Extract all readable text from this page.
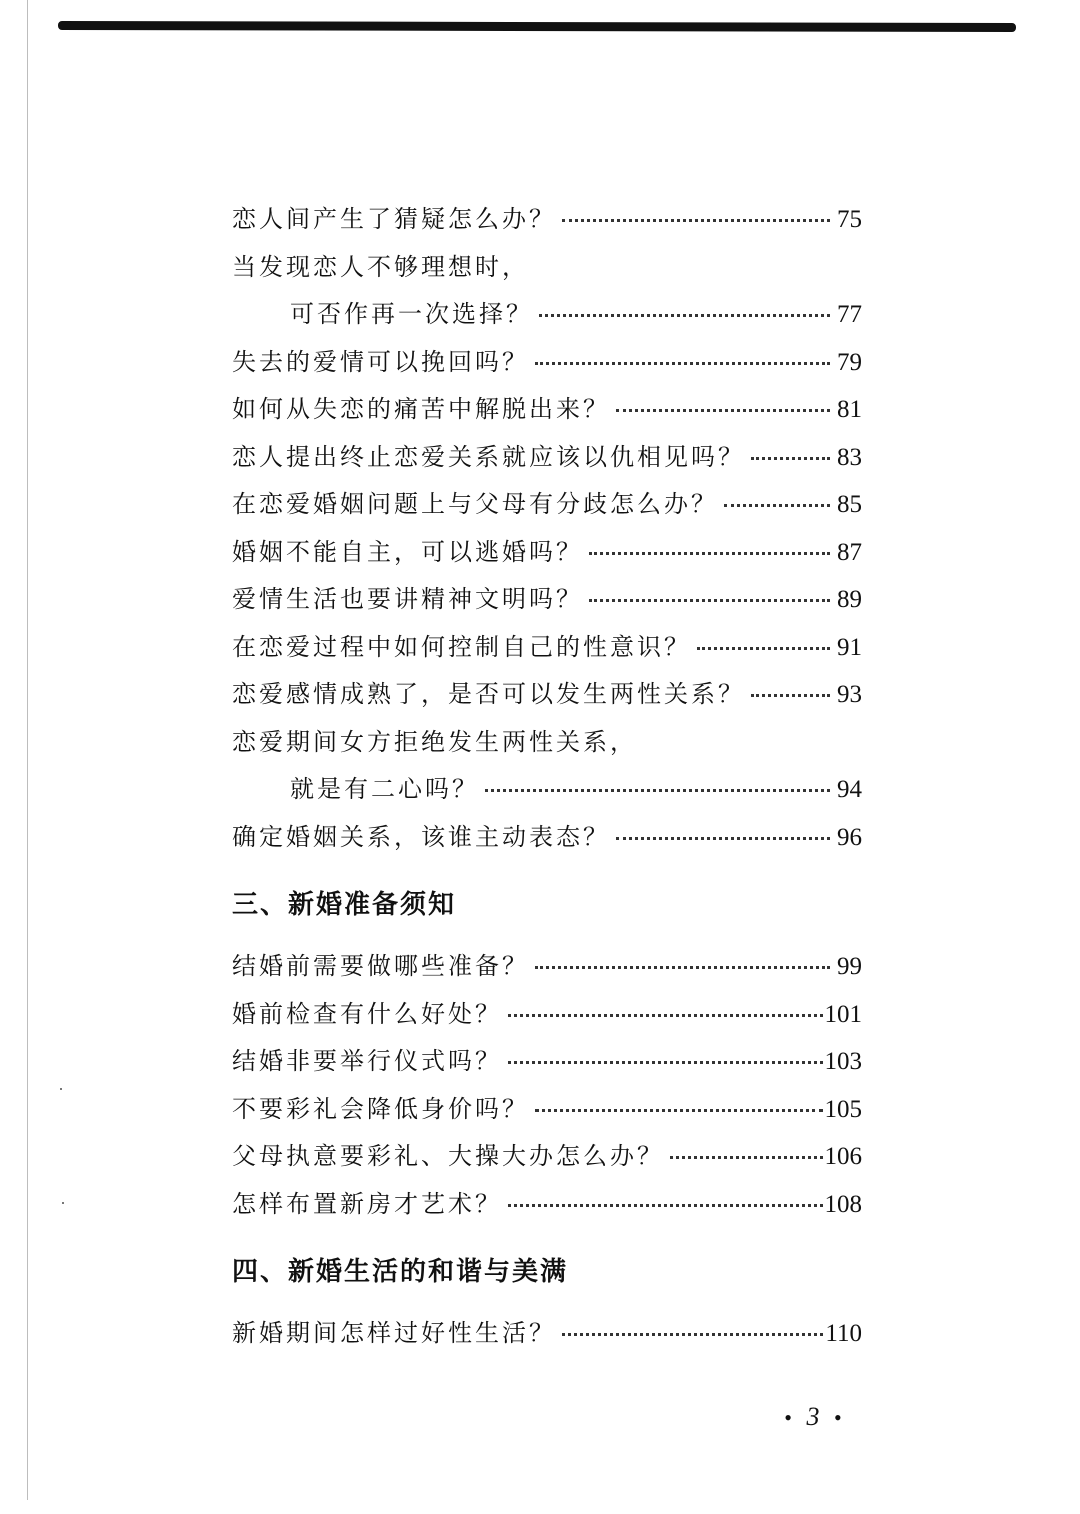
恋人间产生了猜疑怎么办？	75
当发现恋人不够理想时，
可否作再一次选择？	77
失去的爱情可以挽回吗？	79
如何从失恋的痛苦中解脱出来？	81
恋人提出终止恋爱关系就应该以仇相见吗？	83
在恋爱婚姻问题上与父母有分歧怎么办？	85
婚姻不能自主，可以逃婚吗？	87
爱情生活也要讲精神文明吗？	89
在恋爱过程中如何控制自己的性意识？	91
恋爱感情成熟了，是否可以发生两性关系？	93
恋爱期间女方拒绝发生两性关系，
就是有二心吗？	94
确定婚姻关系，该谁主动表态？	96
三、新婚准备须知
结婚前需要做哪些准备？	99
婚前检查有什么好处？	101
结婚非要举行仪式吗？	103
不要彩礼会降低身价吗？	105
父母执意要彩礼、大操大办怎么办？	106
怎样布置新房才艺术？	108
四、新婚生活的和谐与美满
新婚期间怎样过好性生活？	110
• 3 •
